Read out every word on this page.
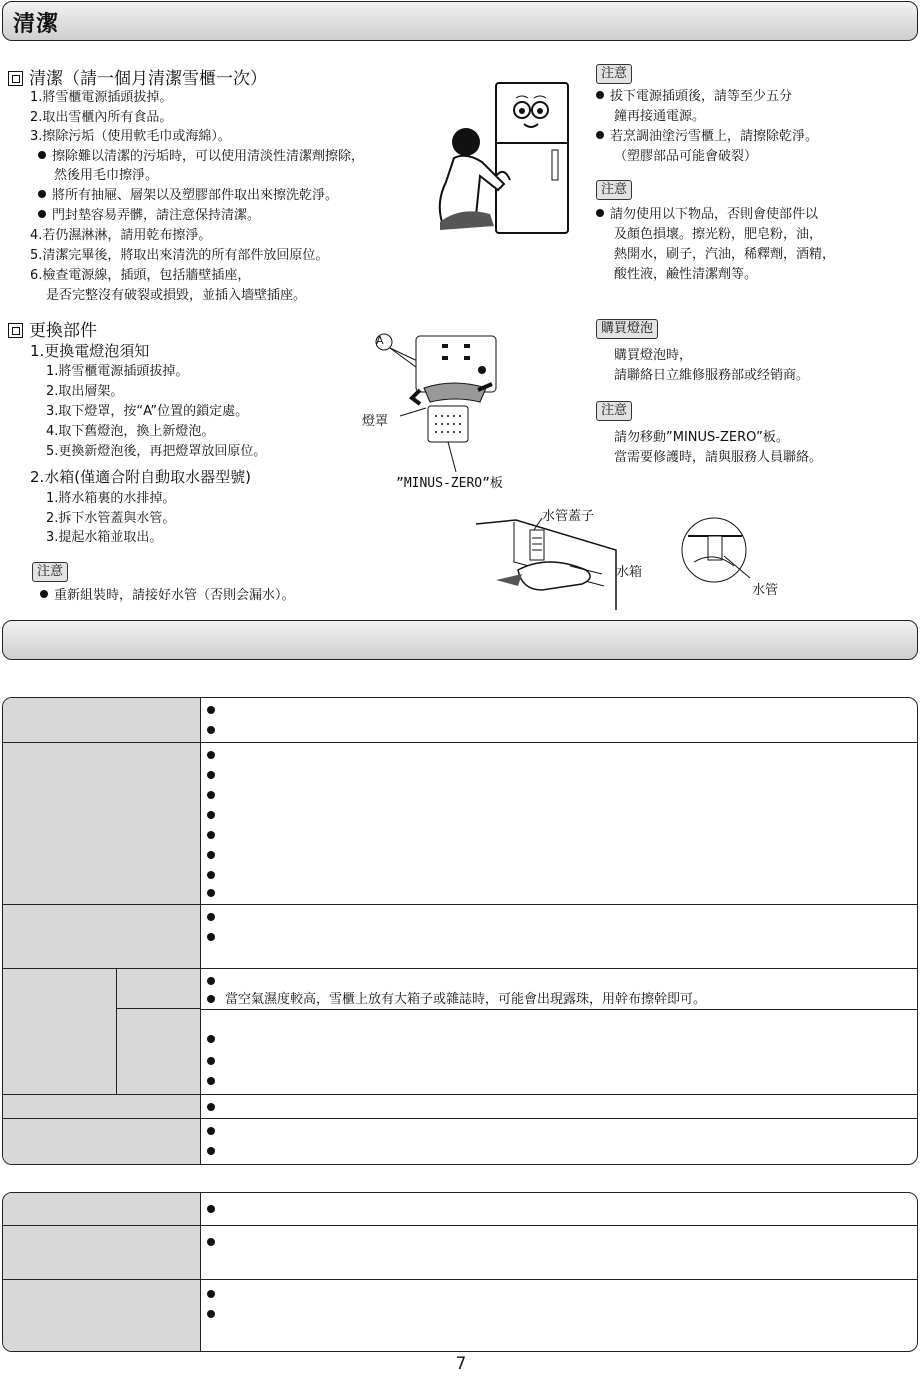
清潔
清潔（請一個月清潔雪櫃一次）
1.將雪櫃電源插頭拔掉。
2.取出雪櫃內所有食品。
3.擦除污垢（使用軟毛巾或海綿）。
擦除難以清潔的污垢時，可以使用清淡性清潔劑擦除，
然後用毛巾擦淨。
將所有抽屜、層架以及塑膠部件取出來擦洗乾淨。
門封墊容易弄髒，請注意保持清潔。
4.若仍濕淋淋，請用乾布擦淨。
5.清潔完畢後，將取出來清洗的所有部件放回原位。
6.檢查電源線，插頭，包括牆壁插座，
是否完整沒有破裂或損毀，並插入墻壁插座。
注意
拔下電源插頭後，請等至少五分
鐘再接通電源。
若烹調油塗污雪櫃上，請擦除乾淨。
（塑膠部品可能會破裂）
注意
請勿使用以下物品，否則會使部件以
及顏色損壞。擦光粉，肥皂粉，油，
熱開水，刷子，汽油，稀釋劑，酒精，
酸性液，鹼性清潔劑等。
購買燈泡
購買燈泡時，
請聯絡日立維修服務部或经销商。
注意
請勿移動”MINUS-ZERO”板。
當需要修護時，請與服務人員聯絡。
更換部件
1.更換電燈泡須知
1.將雪櫃電源插頭拔掉。
2.取出層架。
3.取下燈罩，按“A”位置的鎖定處。
4.取下舊燈泡，換上新燈泡。
5.更換新燈泡後，再把燈罩放回原位。
2.水箱(僅適合附自動取水器型號)
1.將水箱裏的水排掉。
2.拆下水管蓋與水管。
3.提起水箱並取出。
注意
重新組裝時，請接好水管（否則会漏水）。
A
燈罩
”MINUS-ZERO”板
水管蓋子
水箱
水管
當空氣濕度較高，雪櫃上放有大箱子或雜誌時，可能會出現露珠，用幹布擦幹即可。
7
